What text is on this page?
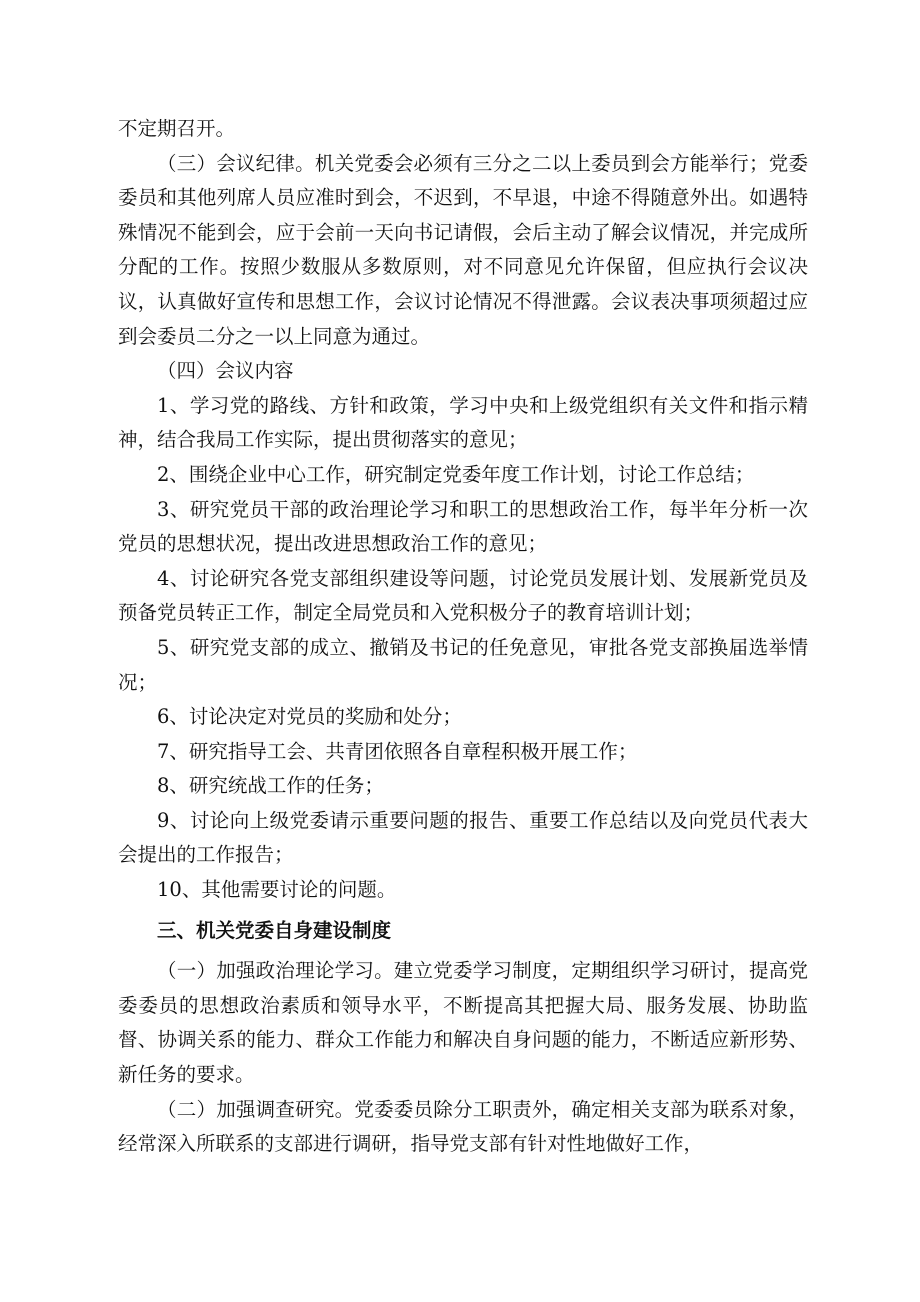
不定期召开。

（三）会议纪律。机关党委会必须有三分之二以上委员到会方能举行；党委委员和其他列席人员应准时到会，不迟到，不早退，中途不得随意外出。如遇特殊情况不能到会，应于会前一天向书记请假，会后主动了解会议情况，并完成所分配的工作。按照少数服从多数原则，对不同意见允许保留，但应执行会议决议，认真做好宣传和思想工作，会议讨论情况不得泄露。会议表决事项须超过应到会委员二分之一以上同意为通过。

（四）会议内容

1、学习党的路线、方针和政策，学习中央和上级党组织有关文件和指示精神，结合我局工作实际，提出贯彻落实的意见；

2、围绕企业中心工作，研究制定党委年度工作计划，讨论工作总结；

3、研究党员干部的政治理论学习和职工的思想政治工作，每半年分析一次党员的思想状况，提出改进思想政治工作的意见；

4、讨论研究各党支部组织建设等问题，讨论党员发展计划、发展新党员及预备党员转正工作，制定全局党员和入党积极分子的教育培训计划；

5、研究党支部的成立、撤销及书记的任免意见，审批各党支部换届选举情况；

6、讨论决定对党员的奖励和处分；

7、研究指导工会、共青团依照各自章程积极开展工作；

8、研究统战工作的任务；

9、讨论向上级党委请示重要问题的报告、重要工作总结以及向党员代表大会提出的工作报告；

10、其他需要讨论的问题。

三、机关党委自身建设制度

（一）加强政治理论学习。建立党委学习制度，定期组织学习研讨，提高党委委员的思想政治素质和领导水平，不断提高其把握大局、服务发展、协助监督、协调关系的能力、群众工作能力和解决自身问题的能力，不断适应新形势、新任务的要求。

（二）加强调查研究。党委委员除分工职责外，确定相关支部为联系对象，经常深入所联系的支部进行调研，指导党支部有针对性地做好工作，
